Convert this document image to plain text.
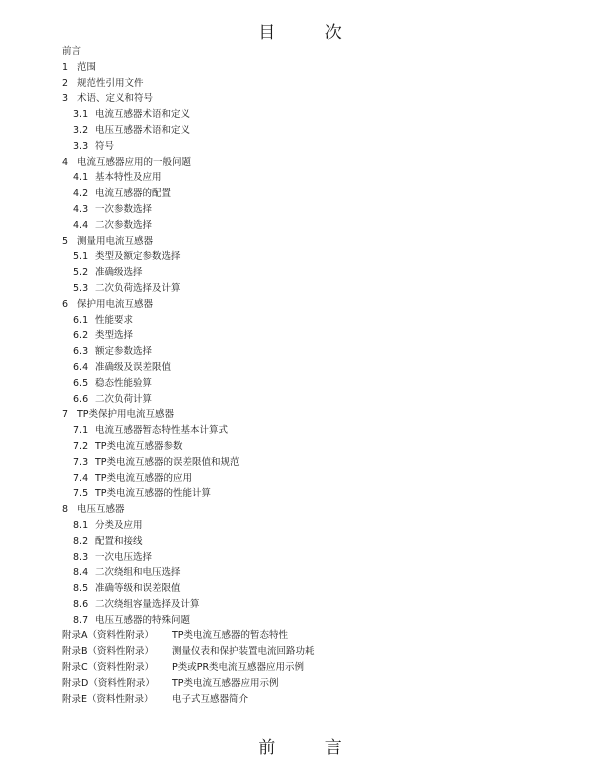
目 次
前言
1 范围
2 规范性引用文件
3 术语、定义和符号
3.1 电流互感器术语和定义
3.2 电压互感器术语和定义
3.3 符号
4 电流互感器应用的一般问题
4.1 基本特性及应用
4.2 电流互感器的配置
4.3 一次参数选择
4.4 二次参数选择
5 测量用电流互感器
5.1 类型及额定参数选择
5.2 准确级选择
5.3 二次负荷选择及计算
6 保护用电流互感器
6.1 性能要求
6.2 类型选择
6.3 额定参数选择
6.4 准确级及误差限值
6.5 稳态性能验算
6.6 二次负荷计算
7 TP类保护用电流互感器
7.1 电流互感器暂态特性基本计算式
7.2 TP类电流互感器参数
7.3 TP类电流互感器的误差限值和规范
7.4 TP类电流互感器的应用
7.5 TP类电流互感器的性能计算
8 电压互感器
8.1 分类及应用
8.2 配置和接线
8.3 一次电压选择
8.4 二次绕组和电压选择
8.5 准确等级和误差限值
8.6 二次绕组容量选择及计算
8.7 电压互感器的特殊问题
附录A（资料性附录） TP类电流互感器的暂态特性
附录B（资料性附录） 测量仪表和保护装置电流回路功耗
附录C（资料性附录） P类或PR类电流互感器应用示例
附录D（资料性附录） TP类电流互感器应用示例
附录E（资料性附录） 电子式互感器简介
前 言
